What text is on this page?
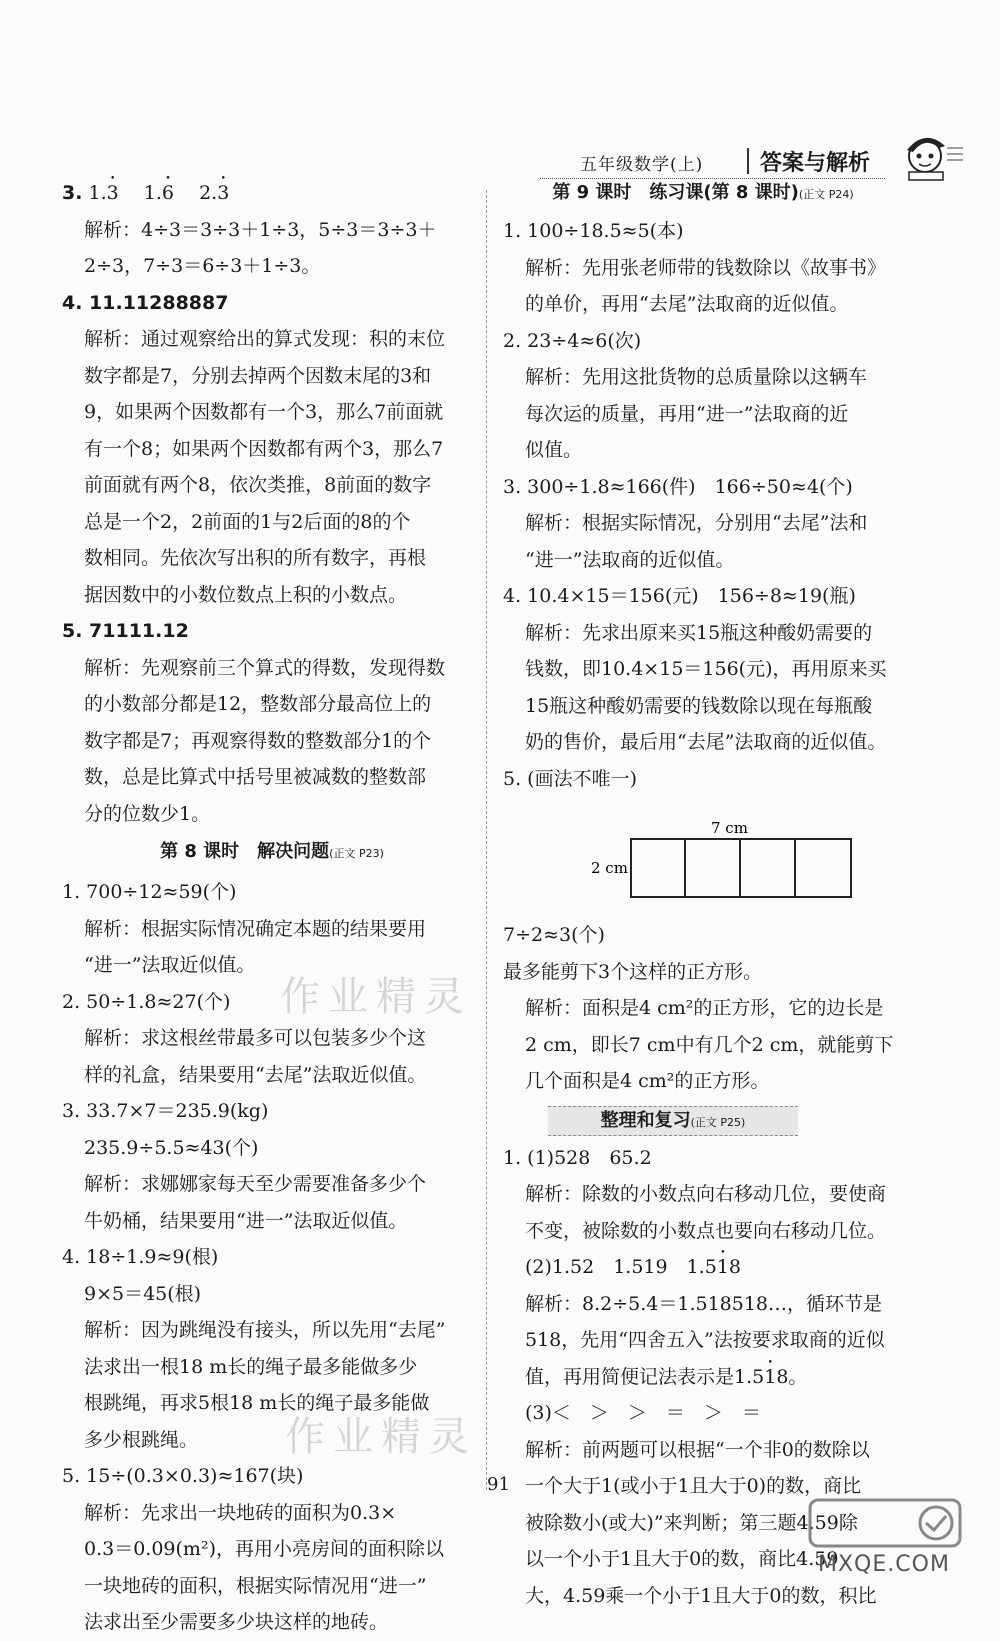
五年级数学(上)	答案与解析
3. 1.• 3  1.• 6  2.• 3
解析：4÷3＝3÷3＋1÷3，5÷3＝3÷3＋
2÷3，7÷3＝6÷3＋1÷3。
4. 11.11288887
解析：通过观察给出的算式发现：积的末位
数字都是7，分别去掉两个因数末尾的3和
9，如果两个因数都有一个3，那么7前面就
有一个8；如果两个因数都有两个3，那么7
前面就有两个8，依次类推，8前面的数字
总是一个2，2前面的1与2后面的8的个
数相同。先依次写出积的所有数字，再根
据因数中的小数位数点上积的小数点。
5. 71111.12
解析：先观察前三个算式的得数，发现得数
的小数部分都是12，整数部分最高位上的
数字都是7；再观察得数的整数部分1的个
数，总是比算式中括号里被减数的整数部
分的位数少1。
第 8 课时　解决问题(正文 P23)
1. 700÷12≈59(个)
解析：根据实际情况确定本题的结果要用
“进一”法取近似值。
2. 50÷1.8≈27(个)
解析：求这根丝带最多可以包装多少个这
样的礼盒，结果要用“去尾”法取近似值。
3. 33.7×7＝235.9(kg)
235.9÷5.5≈43(个)
解析：求娜娜家每天至少需要准备多少个
牛奶桶，结果要用“进一”法取近似值。
4. 18÷1.9≈9(根)
9×5＝45(根)
解析：因为跳绳没有接头，所以先用“去尾”
法求出一根18 m长的绳子最多能做多少
根跳绳，再求5根18 m长的绳子最多能做
多少根跳绳。
5. 15÷(0.3×0.3)≈167(块)
解析：先求出一块地砖的面积为0.3×
0.3＝0.09(m²)，再用小亮房间的面积除以
一块地砖的面积，根据实际情况用“进一”
法求出至少需要多少块这样的地砖。
第 9 课时　练习课(第 8 课时)(正文 P24)
1. 100÷18.5≈5(本)
解析：先用张老师带的钱数除以《故事书》
的单价，再用“去尾”法取商的近似值。
2. 23÷4≈6(次)
解析：先用这批货物的总质量除以这辆车
每次运的质量，再用“进一”法取商的近
似值。
3. 300÷1.8≈166(件)　166÷50≈4(个)
解析：根据实际情况，分别用“去尾”法和
“进一”法取商的近似值。
4. 10.4×15＝156(元)　156÷8≈19(瓶)
解析：先求出原来买15瓶这种酸奶需要的
钱数，即10.4×15＝156(元)，再用原来买
15瓶这种酸奶需要的钱数除以现在每瓶酸
奶的售价，最后用“去尾”法取商的近似值。
5. (画法不唯一)
7 cm
2 cm
7÷2≈3(个)
最多能剪下3个这样的正方形。
解析：面积是4 cm²的正方形，它的边长是
2 cm，即长7 cm中有几个2 cm，就能剪下
几个面积是4 cm²的正方形。
整理和复习(正文 P25)
1. (1)528　65.2
解析：除数的小数点向右移动几位，要使商
不变，被除数的小数点也要向右移动几位。
(2)1.52　1.519　1.• 518
解析：8.2÷5.4＝1.518518…，循环节是
518，先用“四舍五入”法按要求取商的近似
值，再用简便记法表示是1.• 518。
(3)＜　＞　＞　＝　＞　＝
解析：前两题可以根据“一个非0的数除以
一个大于1(或小于1且大于0)的数，商比
被除数小(或大)”来判断；第三题4.59除
以一个小于1且大于0的数，商比4.59
大，4.59乘一个小于1且大于0的数，积比
91
作业精灵
作业精灵
MXQE.COM
